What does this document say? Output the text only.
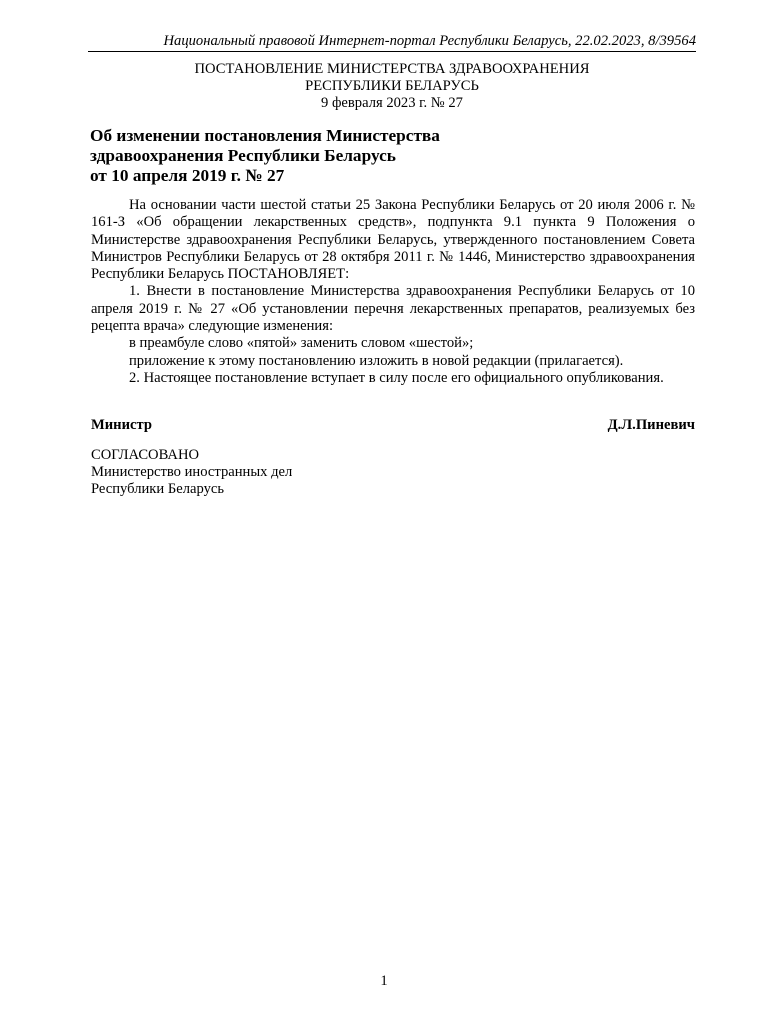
Национальный правовой Интернет-портал Республики Беларусь, 22.02.2023, 8/39564
ПОСТАНОВЛЕНИЕ МИНИСТЕРСТВА ЗДРАВООХРАНЕНИЯ
РЕСПУБЛИКИ БЕЛАРУСЬ
9 февраля 2023 г. № 27
Об изменении постановления Министерства
здравоохранения Республики Беларусь
от 10 апреля 2019 г. № 27

На основании части шестой статьи 25 Закона Республики Беларусь от 20 июля 2006 г. № 161-З «Об обращении лекарственных средств», подпункта 9.1 пункта 9 Положения о Министерстве здравоохранения Республики Беларусь, утвержденного постановлением Совета Министров Республики Беларусь от 28 октября 2011 г. № 1446, Министерство здравоохранения Республики Беларусь ПОСТАНОВЛЯЕТ:

1. Внести в постановление Министерства здравоохранения Республики Беларусь от 10 апреля 2019 г. № 27 «Об установлении перечня лекарственных препаратов, реализуемых без рецепта врача» следующие изменения:

в преамбуле слово «пятой» заменить словом «шестой»;

приложение к этому постановлению изложить в новой редакции (прилагается).

2. Настоящее постановление вступает в силу после его официального опубликования.

Министр	Д.Л.Пиневич
СОГЛАСОВАНО
Министерство иностранных дел
Республики Беларусь
1
